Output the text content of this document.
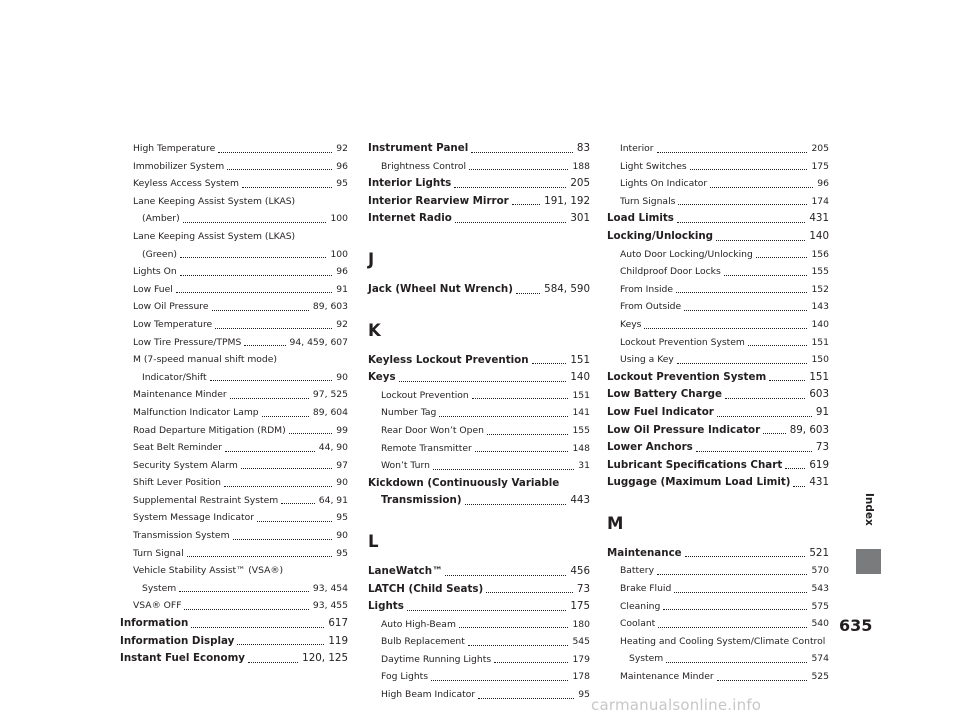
High Temperature	92
Immobilizer System	96
Keyless Access System	95
Lane Keeping Assist System (LKAS)
(Amber)	100
Lane Keeping Assist System (LKAS)
(Green)	100
Lights On	96
Low Fuel	91
Low Oil Pressure	89, 603
Low Temperature	92
Low Tire Pressure/TPMS	94, 459, 607
M (7-speed manual shift mode)
Indicator/Shift	90
Maintenance Minder	97, 525
Malfunction Indicator Lamp	89, 604
Road Departure Mitigation (RDM)	99
Seat Belt Reminder	44, 90
Security System Alarm	97
Shift Lever Position	90
Supplemental Restraint System	64, 91
System Message Indicator	95
Transmission System	90
Turn Signal	95
Vehicle Stability Assist™ (VSA®)
System	93, 454
VSA® OFF	93, 455
Information	617
Information Display	119
Instant Fuel Economy	120, 125
Instrument Panel	83
Brightness Control	188
Interior Lights	205
Interior Rearview Mirror	191, 192
Internet Radio	301
J
Jack (Wheel Nut Wrench)	584, 590
K
Keyless Lockout Prevention	151
Keys	140
Lockout Prevention	151
Number Tag	141
Rear Door Won’t Open	155
Remote Transmitter	148
Won’t Turn	31
Kickdown (Continuously Variable
Transmission)	443
L
LaneWatch™	456
LATCH (Child Seats)	73
Lights	175
Auto High-Beam	180
Bulb Replacement	545
Daytime Running Lights	179
Fog Lights	178
High Beam Indicator	95
Interior	205
Light Switches	175
Lights On Indicator	96
Turn Signals	174
Load Limits	431
Locking/Unlocking	140
Auto Door Locking/Unlocking	156
Childproof Door Locks	155
From Inside	152
From Outside	143
Keys	140
Lockout Prevention System	151
Using a Key	150
Lockout Prevention System	151
Low Battery Charge	603
Low Fuel Indicator	91
Low Oil Pressure Indicator	89, 603
Lower Anchors	73
Lubricant Specifications Chart	619
Luggage (Maximum Load Limit) 431
M
Maintenance	521
Battery	570
Brake Fluid	543
Cleaning	575
Coolant	540
Heating and Cooling System/Climate Control
System	574
Maintenance Minder	525
Index
635
carmanualsonline.info
